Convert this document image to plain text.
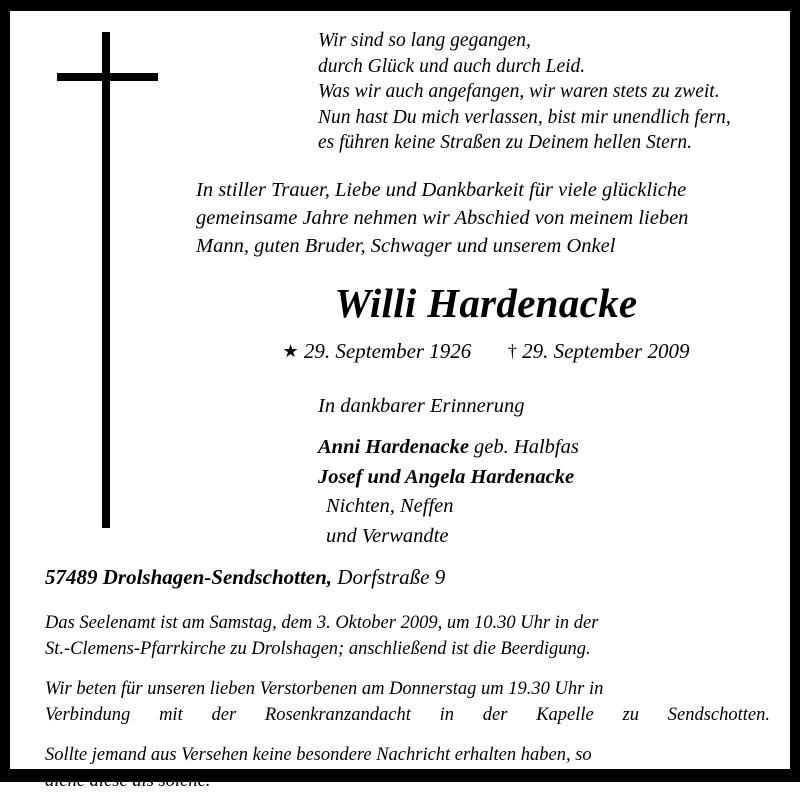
Wir sind so lang gegangen,
durch Glück und auch durch Leid.
Was wir auch angefangen, wir waren stets zu zweit.
Nun hast Du mich verlassen, bist mir unendlich fern,
es führen keine Straßen zu Deinem hellen Stern.
In stiller Trauer, Liebe und Dankbarkeit für viele glückliche
gemeinsame Jahre nehmen wir Abschied von meinem lieben
Mann, guten Bruder, Schwager und unserem Onkel
Willi Hardenacke
★ 29. September 1926 † 29. September 2009
In dankbarer Erinnerung
Anni Hardenacke geb. Halbfas
Josef und Angela Hardenacke
Nichten, Neffen
und Verwandte
57489 Drolshagen-Sendschotten, Dorfstraße 9

Das Seelenamt ist am Samstag, dem 3. Oktober 2009, um 10.30 Uhr in der
St.-Clemens-Pfarrkirche zu Drolshagen; anschließend ist die Beerdigung.

Wir beten für unseren lieben Verstorbenen am Donnerstag um 19.30 Uhr in
Verbindung mit der Rosenkranzandacht in der Kapelle zu Sendschotten.

Sollte jemand aus Versehen keine besondere Nachricht erhalten haben, so
diene diese als solche.
